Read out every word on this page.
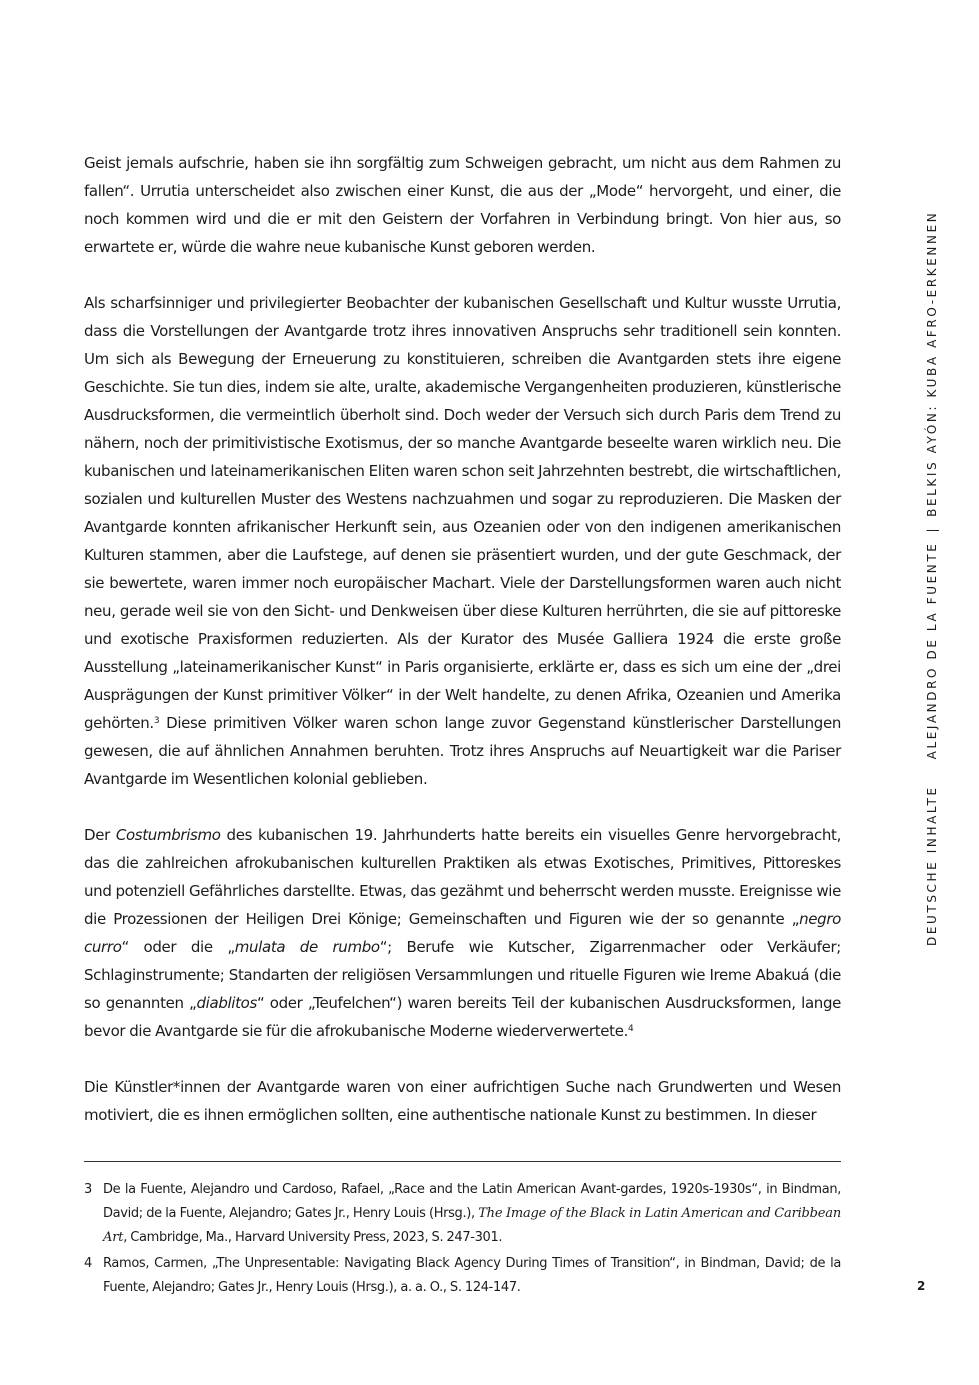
Geist jemals aufschrie, haben sie ihn sorgfältig zum Schweigen gebracht, um nicht aus dem Rahmen zu fallen“. Urrutia unterscheidet also zwischen einer Kunst, die aus der „Mode“ hervorgeht, und einer, die noch kommen wird und die er mit den Geistern der Vorfahren in Verbindung bringt. Von hier aus, so erwartete er, würde die wahre neue kubanische Kunst geboren werden.

Als scharfsinniger und privilegierter Beobachter der kubanischen Gesellschaft und Kultur wusste Urrutia, dass die Vorstellungen der Avantgarde trotz ihres innovativen Anspruchs sehr traditionell sein konnten. Um sich als Bewegung der Erneuerung zu konstituieren, schreiben die Avantgarden stets ihre eigene Geschichte. Sie tun dies, indem sie alte, uralte, akademische Vergangenheiten produzieren, künstlerische Ausdrucksformen, die vermeintlich überholt sind. Doch weder der Versuch sich durch Paris dem Trend zu nähern, noch der primitivistische Exotismus, der so manche Avantgarde beseelte waren wirklich neu. Die kubanischen und lateinamerikanischen Eliten waren schon seit Jahrzehnten bestrebt, die wirtschaftlichen, sozialen und kulturellen Muster des Westens nachzuahmen und sogar zu reproduzieren. Die Masken der Avantgarde konnten afrikanischer Herkunft sein, aus Ozeanien oder von den indigenen amerikanischen Kulturen stammen, aber die Laufstege, auf denen sie präsentiert wurden, und der gute Geschmack, der sie bewertete, waren immer noch europäischer Machart. Viele der Darstellungsformen waren auch nicht neu, gerade weil sie von den Sicht- und Denkweisen über diese Kulturen herrührten, die sie auf pittoreske und exotische Praxisformen reduzierten. Als der Kurator des Musée Galliera 1924 die erste große Ausstellung „lateinamerikanischer Kunst“ in Paris organisierte, erklärte er, dass es sich um eine der „drei Ausprägungen der Kunst primitiver Völker“ in der Welt handelte, zu denen Afrika, Ozeanien und Amerika gehörten.$^3$ Diese primitiven Völker waren schon lange zuvor Gegenstand künstlerischer Darstellungen gewesen, die auf ähnlichen Annahmen beruhten. Trotz ihres Anspruchs auf Neuartigkeit war die Pariser Avantgarde im Wesentlichen kolonial geblieben.

Der Costumbrismo des kubanischen 19. Jahrhunderts hatte bereits ein visuelles Genre hervorgebracht, das die zahlreichen afrokubanischen kulturellen Praktiken als etwas Exotisches, Primitives, Pittoreskes und potenziell Gefährliches darstellte. Etwas, das gezähmt und beherrscht werden musste. Ereignisse wie die Prozessionen der Heiligen Drei Könige; Gemeinschaften und Figuren wie der so genannte „negro curro“ oder die „mulata de rumbo“; Berufe wie Kutscher, Zigarrenmacher oder Verkäufer; Schlaginstrumente; Standarten der religiösen Versammlungen und rituelle Figuren wie Ireme Abakuá (die so genannten „diablitos“ oder „Teufelchen“) waren bereits Teil der kubanischen Ausdrucksformen, lange bevor die Avantgarde sie für die afrokubanische Moderne wiederverwertete.$^4$

Die Künstler*innen der Avantgarde waren von einer aufrichtigen Suche nach Grundwerten und Wesen motiviert, die es ihnen ermöglichen sollten, eine authentische nationale Kunst zu bestimmen. In dieser

3 De la Fuente, Alejandro und Cardoso, Rafael, „Race and the Latin American Avant-gardes, 1920s-1930s“, in Bindman, David; de la Fuente, Alejandro; Gates Jr., Henry Louis (Hrsg.), The Image of the Black in Latin American and Caribbean Art, Cambridge, Ma., Harvard University Press, 2023, S. 247-301.
4 Ramos, Carmen, „The Unpresentable: Navigating Black Agency During Times of Transition“, in Bindman, David; de la Fuente, Alejandro; Gates Jr., Henry Louis (Hrsg.), a. a. O., S. 124-147.
DEUTSCHE INHALTEALEJANDRO DE LA FUENTE|BELKIS AYÓN: KUBA AFRO-ERKENNEN
2
